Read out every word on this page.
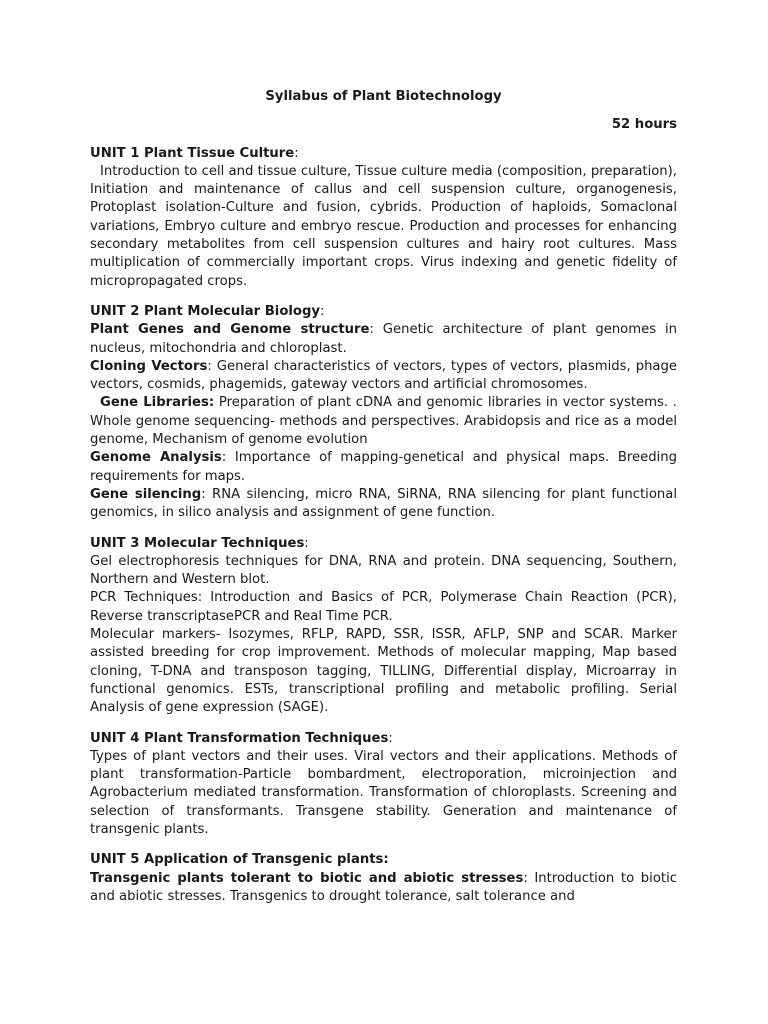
Syllabus of Plant Biotechnology
52 hours
UNIT 1 Plant Tissue Culture:

Introduction to cell and tissue culture, Tissue culture media (composition, preparation), Initiation and maintenance of callus and cell suspension culture, organogenesis, Protoplast isolation-Culture and fusion, cybrids. Production of haploids, Somaclonal variations, Embryo culture and embryo rescue. Production and processes for enhancing secondary metabolites from cell suspension cultures and hairy root cultures. Mass multiplication of commercially important crops. Virus indexing and genetic fidelity of micropropagated crops.

UNIT 2 Plant Molecular Biology:

Plant Genes and Genome structure: Genetic architecture of plant genomes in nucleus, mitochondria and chloroplast.

Cloning Vectors: General characteristics of vectors, types of vectors, plasmids, phage vectors, cosmids, phagemids, gateway vectors and artificial chromosomes.

Gene Libraries: Preparation of plant cDNA and genomic libraries in vector systems. . Whole genome sequencing- methods and perspectives. Arabidopsis and rice as a model genome, Mechanism of genome evolution

Genome Analysis: Importance of mapping-genetical and physical maps. Breeding requirements for maps.

Gene silencing: RNA silencing, micro RNA, SiRNA, RNA silencing for plant functional genomics, in silico analysis and assignment of gene function.

UNIT 3 Molecular Techniques:

Gel electrophoresis techniques for DNA, RNA and protein. DNA sequencing, Southern, Northern and Western blot.

PCR Techniques: Introduction and Basics of PCR, Polymerase Chain Reaction (PCR), Reverse transcriptasePCR and Real Time PCR.

Molecular markers- Isozymes, RFLP, RAPD, SSR, ISSR, AFLP, SNP and SCAR. Marker assisted breeding for crop improvement. Methods of molecular mapping, Map based cloning, T-DNA and transposon tagging, TILLING, Differential display, Microarray in functional genomics. ESTs, transcriptional profiling and metabolic profiling. Serial Analysis of gene expression (SAGE).

UNIT 4 Plant Transformation Techniques:

Types of plant vectors and their uses. Viral vectors and their applications. Methods of plant transformation-Particle bombardment, electroporation, microinjection and Agrobacterium mediated transformation. Transformation of chloroplasts. Screening and selection of transformants. Transgene stability. Generation and maintenance of transgenic plants.

UNIT 5 Application of Transgenic plants:

Transgenic plants tolerant to biotic and abiotic stresses: Introduction to biotic and abiotic stresses. Transgenics to drought tolerance, salt tolerance and
